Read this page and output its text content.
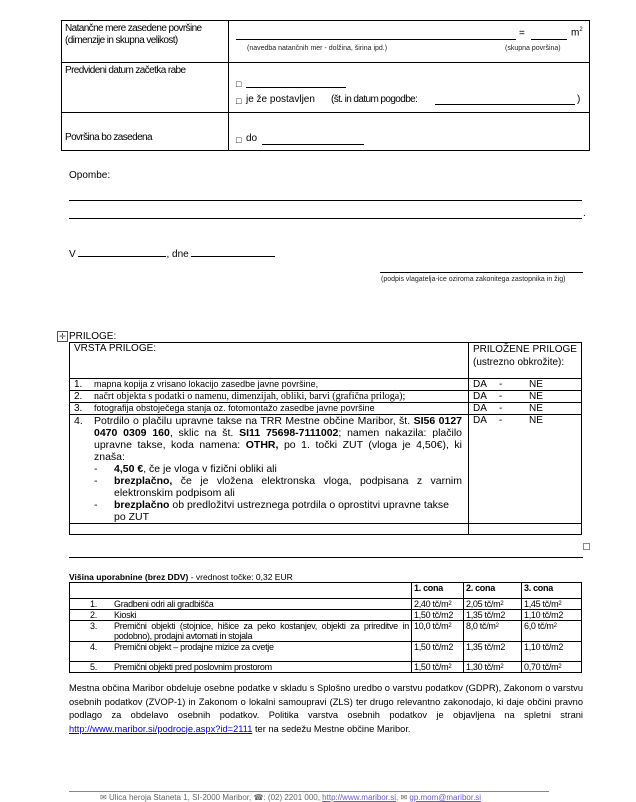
Natančne mere zasedene površine (dimenzije in skupna velikost)	= $m^2$
(navedba natančnih mer - dolžina, širina ipd.) (skupna površina)

Predvideni datum začetka rabe	□
□ je že postavljen (št. in datum pogodbe: )

Površina bo zasedena	□ do
Opombe:
.
V	, dne
(podpis vlagatelja-ice oziroma zakonitega zastopnika in žig)
✛ PRILOGE:
VRSTA PRILOGE:	PRILOŽENE PRILOGE
(ustrezno obkrožite):
1. mapna kopija z vrisano lokacijo zasedbe javne površine,	DA - NE
2. načrt objekta s podatki o namenu, dimenzijah, obliki, barvi (grafična priloga);	DA - NE
3. fotografija obstoječega stanja oz. fotomontažo zasedbe javne površine	DA - NE

4.	Potrdilo o plačilu upravne takse na TRR Mestne občine Maribor, št. SI56 0127 0470 0309 160, sklic na št. SI11 75698-7111002; namen nakazila: plačilo upravne takse, koda namena: OTHR, po 1. točki ZUT (vloga je 4,50€), ki znaša:
-	4,50 €, če je vloga v fizični obliki ali
-	brezplačno, če je vložena elektronska vloga, podpisana z varnim elektronskim podpisom ali
-	brezplačno ob predložitvi ustreznega potrdila o oprostitvi upravne takse po ZUT
	DA -	NE

Višina uporabnine (brez DDV) - vrednost točke: 0,32 EUR
	1. cona	2. cona	3. cona

1. Gradbeni odri ali gradbišča	2,40 $tč/m^2$	2,05 $tč/m^2$	1,45 $tč/m^2$

2. Kioski	1,50 tč/m2	1,35 tč/m2	1,10 tč/m2

3. Premični objekti (stojnice, hišice za peko kostanjev, objekti za prireditve in podobno), prodajni avtomati in stojala	10,0 $tč/m^2$	8,0 $tč/m^2$	6,0 $tč/m^2$

4. Premični objekt – prodajne mizice za cvetje	1,50 tč/m2	1,35 tč/m2	1,10 tč/m2

5. Premični objekti pred poslovnim prostorom	1,50 $tč/m^2$	1,30 $tč/m^2$	0,70 $tč/m^2$
Mestna občina Maribor obdeluje osebne podatke v skladu s Splošno uredbo o varstvu podatkov (GDPR), Zakonom o varstvu osebnih podatkov (ZVOP-1) in Zakonom o lokalni samoupravi (ZLS) ter drugo relevantno zakonodajo, ki daje občini pravno podlago za obdelavo osebnih podatkov. Politika varstva osebnih podatkov je objavljena na spletni strani http://www.maribor.si/podrocje.aspx?id=2111 ter na sedežu Mestne občine Maribor.
✉ Ulica heroja Staneta 1, SI-2000 Maribor, ☎: (02) 2201 000, http://www.maribor.si, ✉ gp.mom@maribor.si
